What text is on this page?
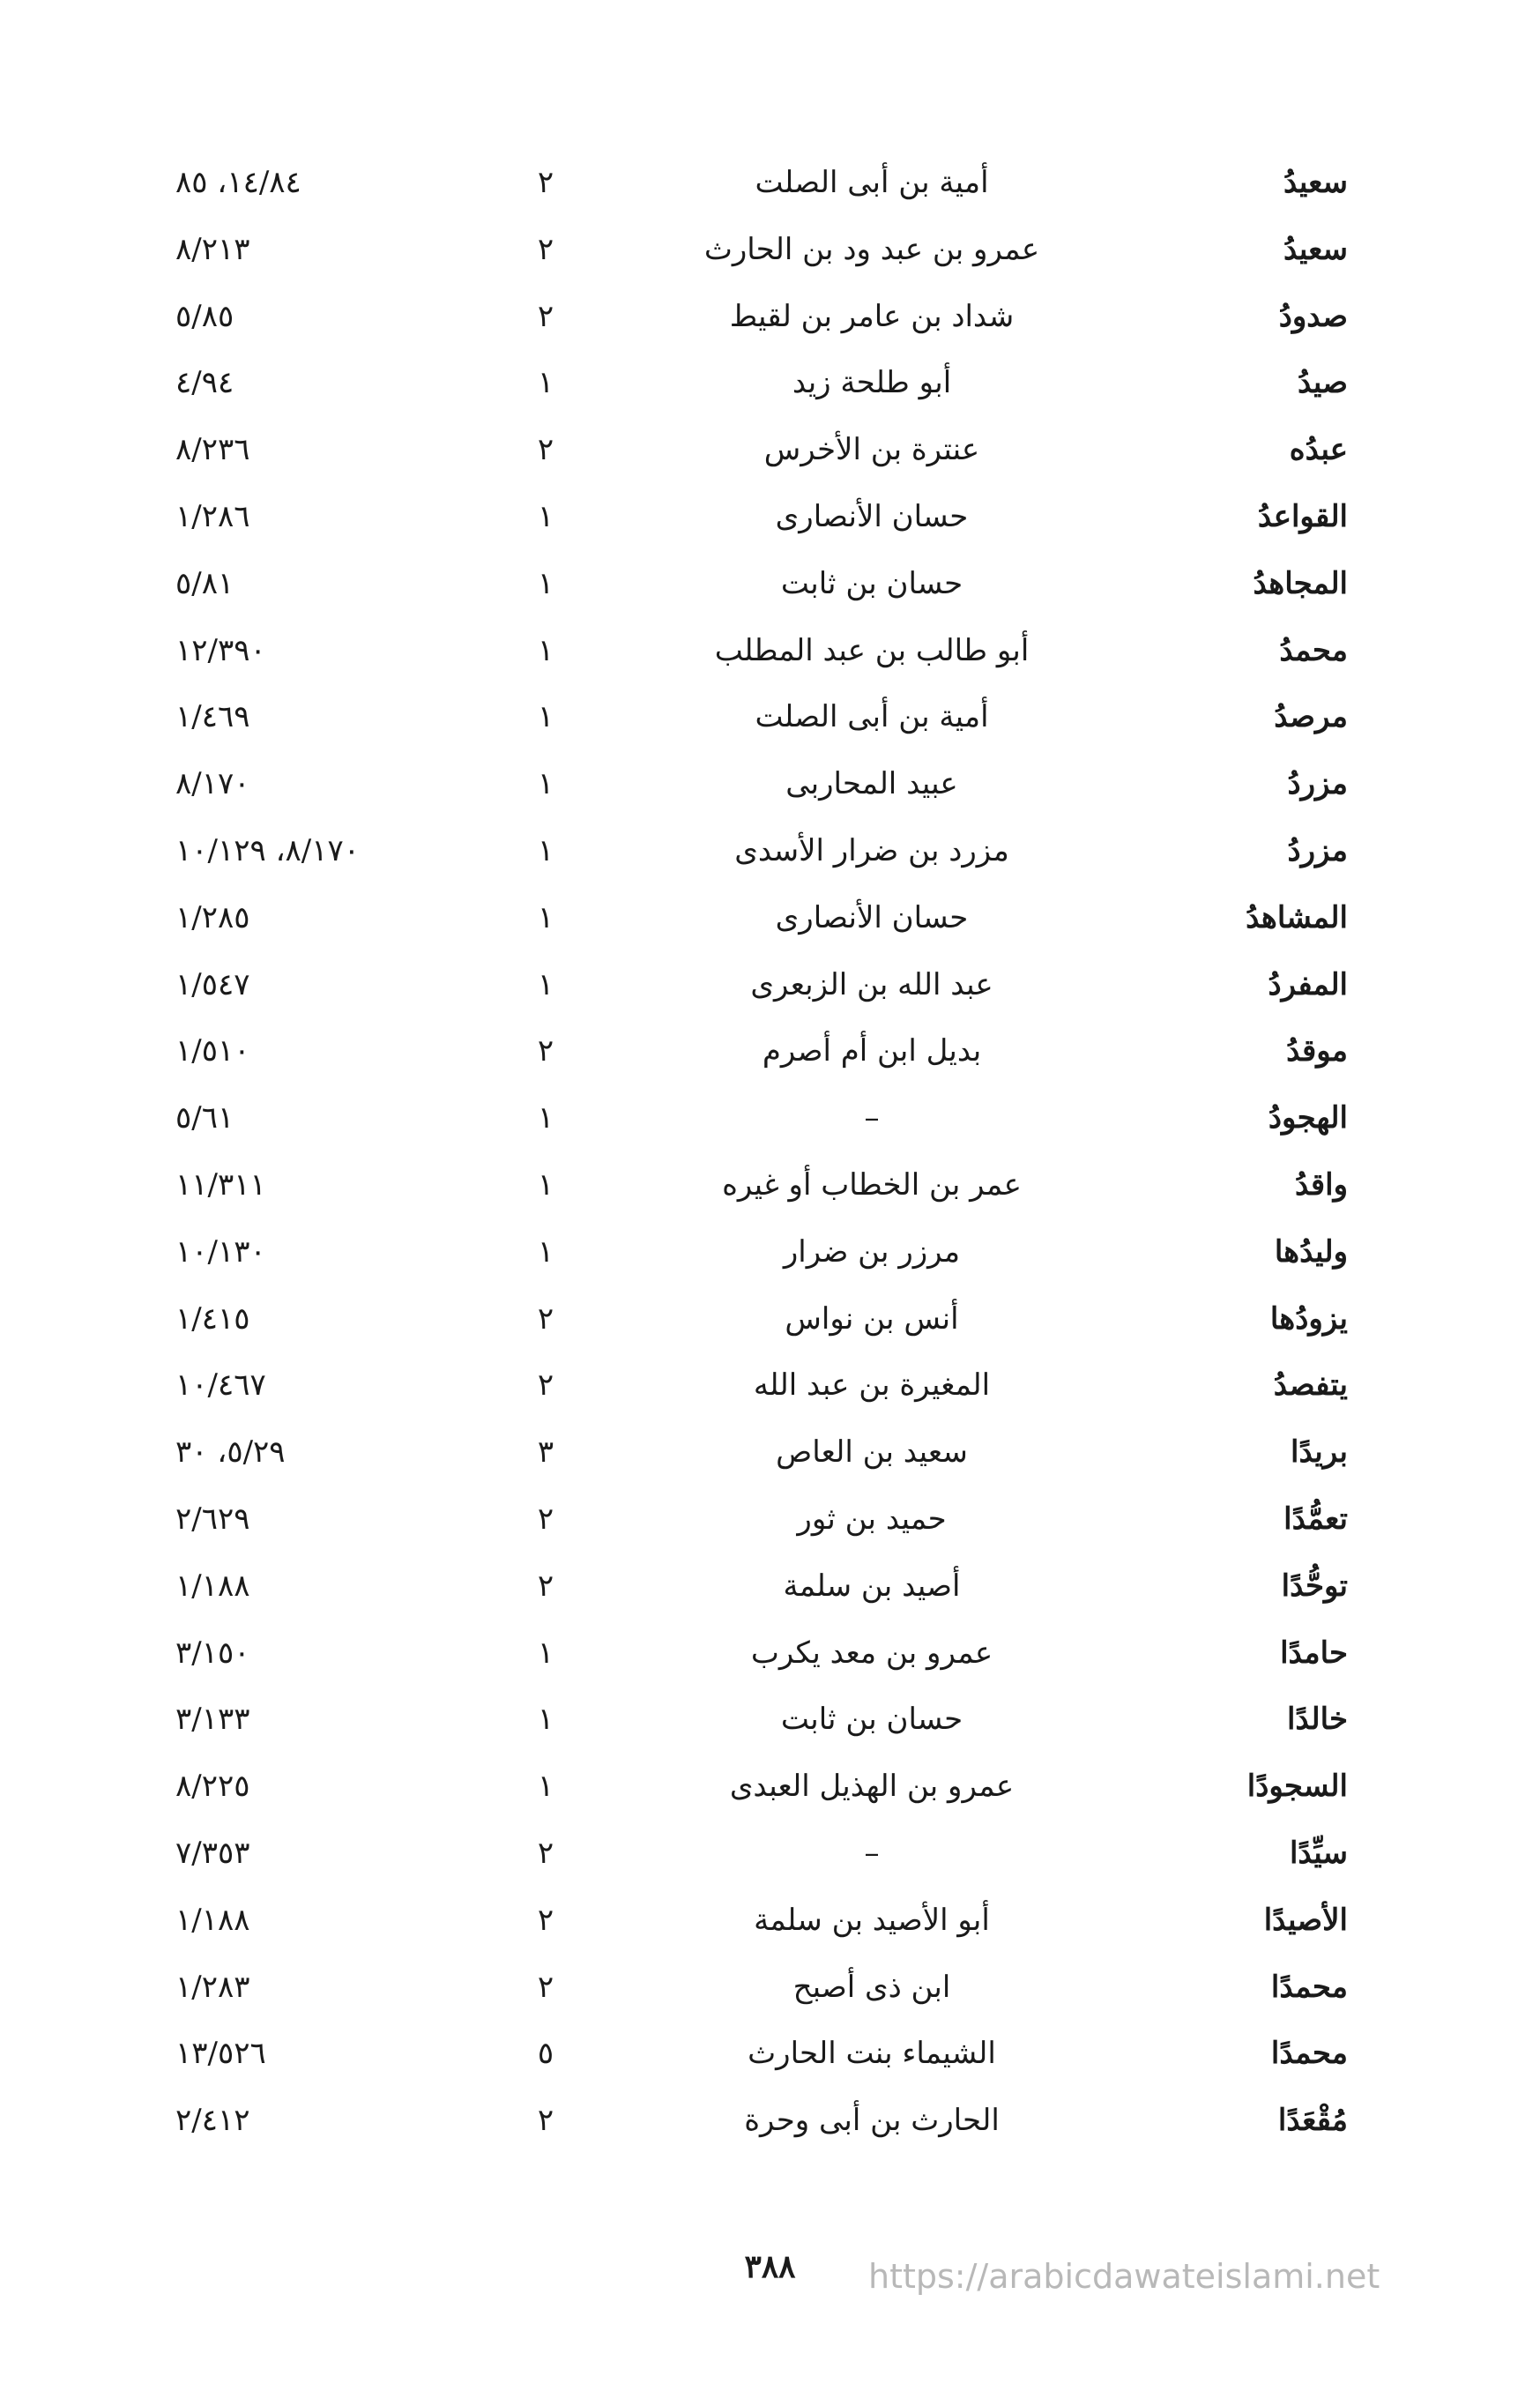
سعيدُ
أمية بن أبى الصلت
٢
١٤/٨٤، ٨٥
سعيدُ
عمرو بن عبد ود بن الحارث
٢
٨/٢١٣
صدودُ
شداد بن عامر بن لقيط
٢
٥/٨٥
صيدُ
أبو طلحة زيد
١
٤/٩٤
عبدُه
عنترة بن الأخرس
٢
٨/٢٣٦
القواعدُ
حسان الأنصارى
١
١/٢٨٦
المجاهدُ
حسان بن ثابت
١
٥/٨١
محمدُ
أبو طالب بن عبد المطلب
١
١٢/٣٩٠
مرصدُ
أمية بن أبى الصلت
١
١/٤٦٩
مزردُ
عبيد المحاربى
١
٨/١٧٠
مزردُ
مزرد بن ضرار الأسدى
١
٨/١٧٠، ١٠/١٢٩
المشاهدُ
حسان الأنصارى
١
١/٢٨٥
المفردُ
عبد الله بن الزبعرى
١
١/٥٤٧
موقدُ
بديل ابن أم أصرم
٢
١/٥١٠
الهجودُ
–
١
٥/٦١
واقدُ
عمر بن الخطاب أو غيره
١
١١/٣١١
وليدُها
مرزر بن ضرار
١
١٠/١٣٠
يزودُها
أنس بن نواس
٢
١/٤١٥
يتفصدُ
المغيرة بن عبد الله
٢
١٠/٤٦٧
بريدًا
سعيد بن العاص
٣
٥/٢٩، ٣٠
تعمُّدًا
حميد بن ثور
٢
٢/٦٢٩
توحُّدًا
أصيد بن سلمة
٢
١/١٨٨
حامدًا
عمرو بن معد يكرب
١
٣/١٥٠
خالدًا
حسان بن ثابت
١
٣/١٣٣
السجودًا
عمرو بن الهذيل العبدى
١
٨/٢٢٥
سيِّدًا
–
٢
٧/٣٥٣
الأصيدًا
أبو الأصيد بن سلمة
٢
١/١٨٨
محمدًا
ابن ذى أصبح
٢
١/٢٨٣
محمدًا
الشيماء بنت الحارث
٥
١٣/٥٢٦
مُقْعَدًا
الحارث بن أبى وحرة
٢
٢/٤١٢
٣٨٨	https://arabicdawateislami.net
